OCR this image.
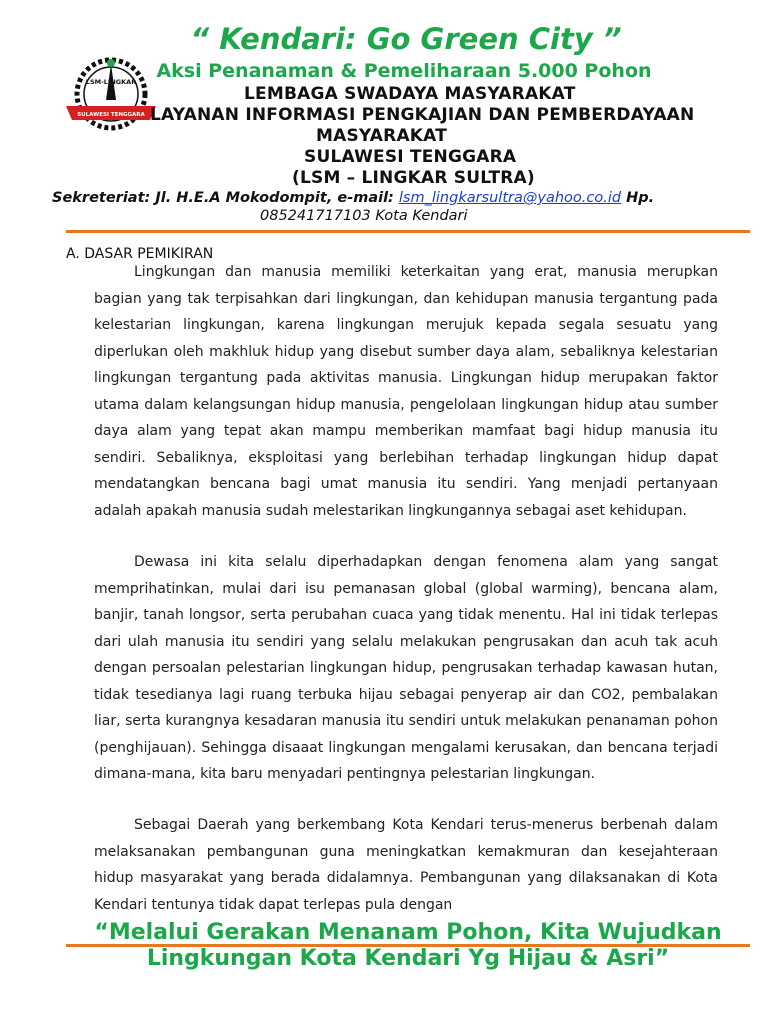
“ Kendari: Go Green City ”
Aksi Penanaman & Pemeliharaan 5.000 Pohon
LSM-LINGKAR
SULAWESI TENGGARA
LEMBAGA SWADAYA MASYARAKAT
LAYANAN INFORMASI PENGKAJIAN DAN PEMBERDAYAAN
MASYARAKAT
SULAWESI TENGGARA
(LSM – LINGKAR SULTRA)
Sekreteriat: Jl. H.E.A Mokodompit, e-mail: lsm_lingkarsultra@yahoo.co.id Hp.
085241717103 Kota Kendari
A. DASAR PEMIKIRAN
Lingkungan dan manusia memiliki keterkaitan yang erat, manusia merupkan bagian yang tak terpisahkan dari lingkungan, dan kehidupan manusia tergantung pada kelestarian lingkungan, karena lingkungan merujuk kepada segala sesuatu yang diperlukan oleh makhluk hidup yang disebut sumber daya alam, sebaliknya kelestarian lingkungan tergantung pada aktivitas manusia. Lingkungan hidup merupakan faktor utama dalam kelangsungan hidup manusia, pengelolaan lingkungan hidup atau sumber daya alam yang tepat akan mampu memberikan mamfaat bagi hidup manusia itu sendiri. Sebaliknya, eksploitasi yang berlebihan terhadap lingkungan hidup dapat mendatangkan bencana bagi umat manusia itu sendiri. Yang menjadi pertanyaan adalah apakah manusia sudah melestarikan lingkungannya sebagai aset kehidupan.
Dewasa ini kita selalu diperhadapkan dengan fenomena alam yang sangat memprihatinkan, mulai dari isu pemanasan global (global warming), bencana alam, banjir, tanah longsor, serta perubahan cuaca yang tidak menentu. Hal ini tidak terlepas dari ulah manusia itu sendiri yang selalu melakukan pengrusakan dan acuh tak acuh dengan persoalan pelestarian lingkungan hidup, pengrusakan terhadap kawasan hutan, tidak tesedianya lagi ruang terbuka hijau sebagai penyerap air dan CO2, pembalakan liar, serta kurangnya kesadaran manusia itu sendiri untuk melakukan penanaman pohon (penghijauan). Sehingga disaaat lingkungan mengalami kerusakan, dan bencana terjadi dimana-mana, kita baru menyadari pentingnya pelestarian lingkungan.
Sebagai Daerah yang berkembang Kota Kendari terus-menerus berbenah dalam melaksanakan pembangunan guna meningkatkan kemakmuran dan kesejahteraan hidup masyarakat yang berada didalamnya. Pembangunan yang dilaksanakan di Kota Kendari tentunya tidak dapat terlepas pula dengan
“Melalui Gerakan Menanam Pohon, Kita Wujudkan Lingkungan Kota Kendari Yg Hijau & Asri”
